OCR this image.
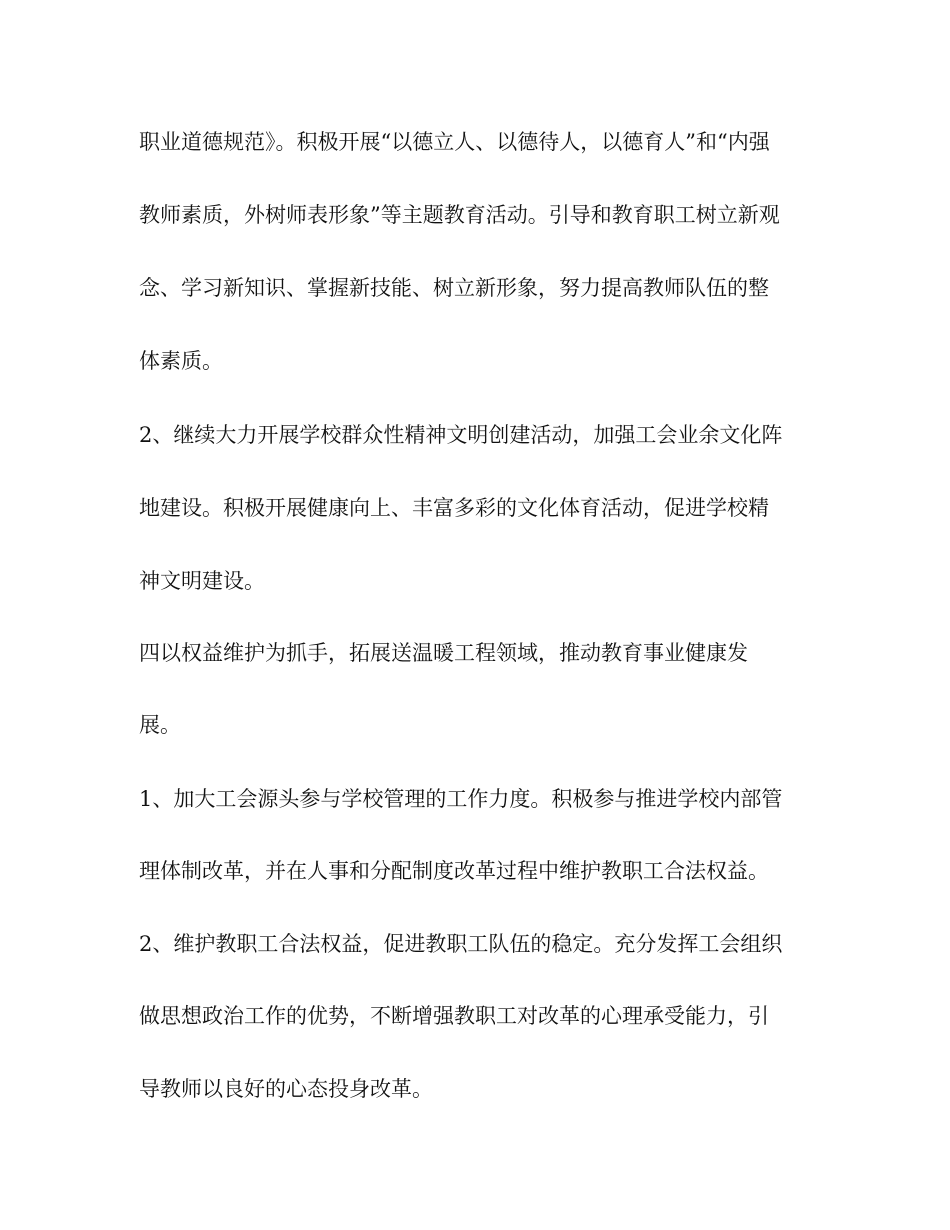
职业道德规范》。积极开展“以德立人、以德待人，以德育人”和“内强
教师素质，外树师表形象”等主题教育活动。引导和教育职工树立新观
念、学习新知识、掌握新技能、树立新形象，努力提高教师队伍的整
体素质。
2、继续大力开展学校群众性精神文明创建活动，加强工会业余文化阵
地建设。积极开展健康向上、丰富多彩的文化体育活动，促进学校精
神文明建设。
四以权益维护为抓手，拓展送温暖工程领域，推动教育事业健康发
展。
1、加大工会源头参与学校管理的工作力度。积极参与推进学校内部管
理体制改革，并在人事和分配制度改革过程中维护教职工合法权益。
2、维护教职工合法权益，促进教职工队伍的稳定。充分发挥工会组织
做思想政治工作的优势，不断增强教职工对改革的心理承受能力，引
导教师以良好的心态投身改革。
